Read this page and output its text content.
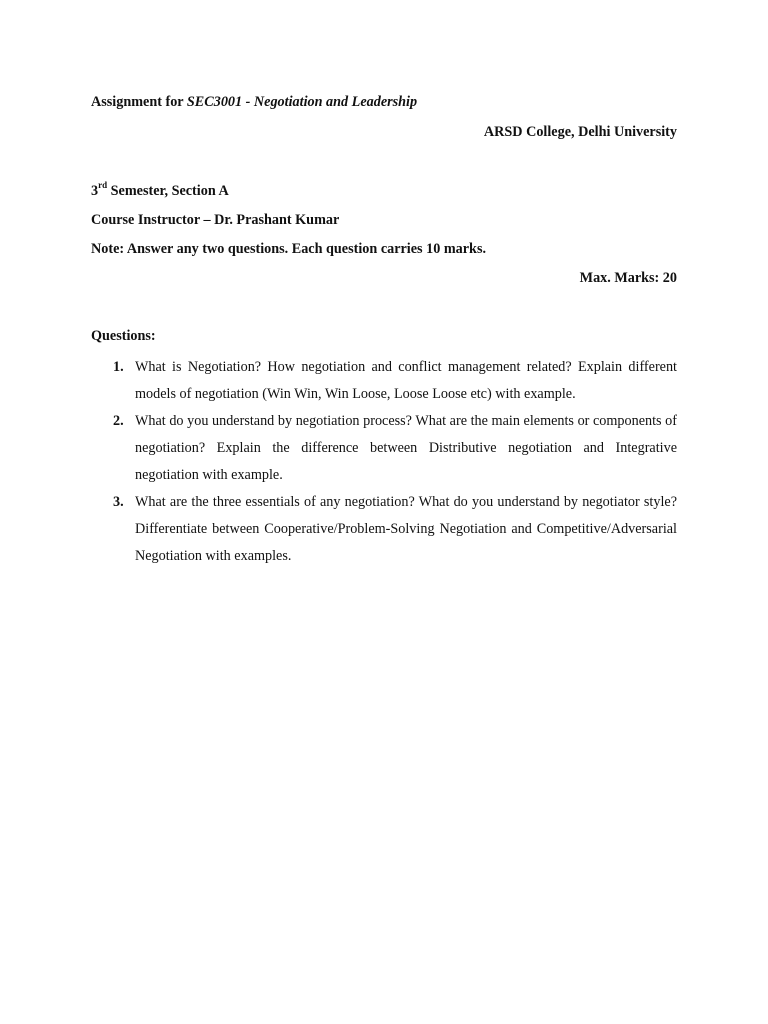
Assignment for SEC3001 - Negotiation and Leadership
ARSD College, Delhi University
3rd Semester, Section A
Course Instructor – Dr. Prashant Kumar
Note: Answer any two questions. Each question carries 10 marks.
Max. Marks: 20
Questions:
1. What is Negotiation? How negotiation and conflict management related? Explain different models of negotiation (Win Win, Win Loose, Loose Loose etc) with example.
2. What do you understand by negotiation process? What are the main elements or components of negotiation? Explain the difference between Distributive negotiation and Integrative negotiation with example.
3. What are the three essentials of any negotiation? What do you understand by negotiator style? Differentiate between Cooperative/Problem-Solving Negotiation and Competitive/Adversarial Negotiation with examples.
